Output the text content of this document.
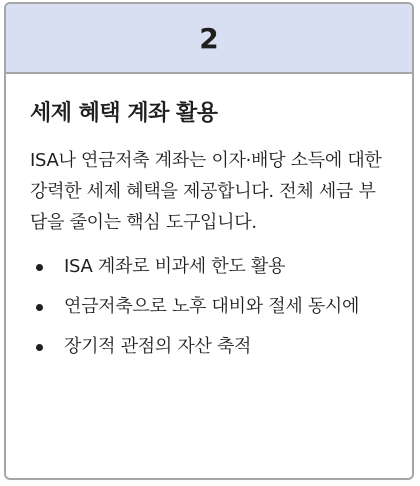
2
세제 혜택 계좌 활용

ISA나 연금저축 계좌는 이자·배당 소득에 대한 강력한 세제 혜택을 제공합니다. 전체 세금 부담을 줄이는 핵심 도구입니다.

ISA 계좌로 비과세 한도 활용
연금저축으로 노후 대비와 절세 동시에
장기적 관점의 자산 축적
